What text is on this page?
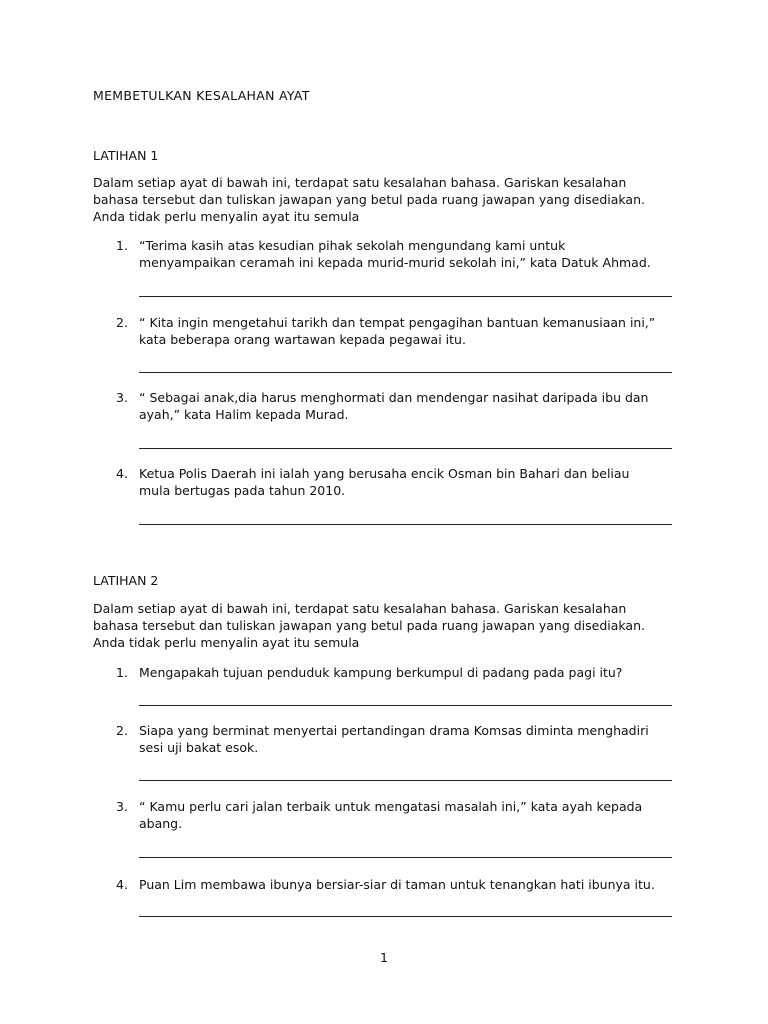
MEMBETULKAN KESALAHAN AYAT
LATIHAN 1
Dalam setiap ayat di bawah ini, terdapat satu kesalahan bahasa. Gariskan kesalahan
bahasa tersebut dan tuliskan jawapan yang betul pada ruang jawapan yang disediakan.
Anda tidak perlu menyalin ayat itu semula
1. “Terima kasih atas kesudian pihak sekolah mengundang kami untuk
menyampaikan ceramah ini kepada murid-murid sekolah ini,” kata Datuk Ahmad.
2. “ Kita ingin mengetahui tarikh dan tempat pengagihan bantuan kemanusiaan ini,”
kata beberapa orang wartawan kepada pegawai itu.
3. “ Sebagai anak,dia harus menghormati dan mendengar nasihat daripada ibu dan
ayah,” kata Halim kepada Murad.
4. Ketua Polis Daerah ini ialah yang berusaha encik Osman bin Bahari dan beliau
mula bertugas pada tahun 2010.
LATIHAN 2
Dalam setiap ayat di bawah ini, terdapat satu kesalahan bahasa. Gariskan kesalahan
bahasa tersebut dan tuliskan jawapan yang betul pada ruang jawapan yang disediakan.
Anda tidak perlu menyalin ayat itu semula
1. Mengapakah tujuan penduduk kampung berkumpul di padang pada pagi itu?
2. Siapa yang berminat menyertai pertandingan drama Komsas diminta menghadiri
sesi uji bakat esok.
3. “ Kamu perlu cari jalan terbaik untuk mengatasi masalah ini,” kata ayah kepada
abang.
4. Puan Lim membawa ibunya bersiar-siar di taman untuk tenangkan hati ibunya itu.
1
